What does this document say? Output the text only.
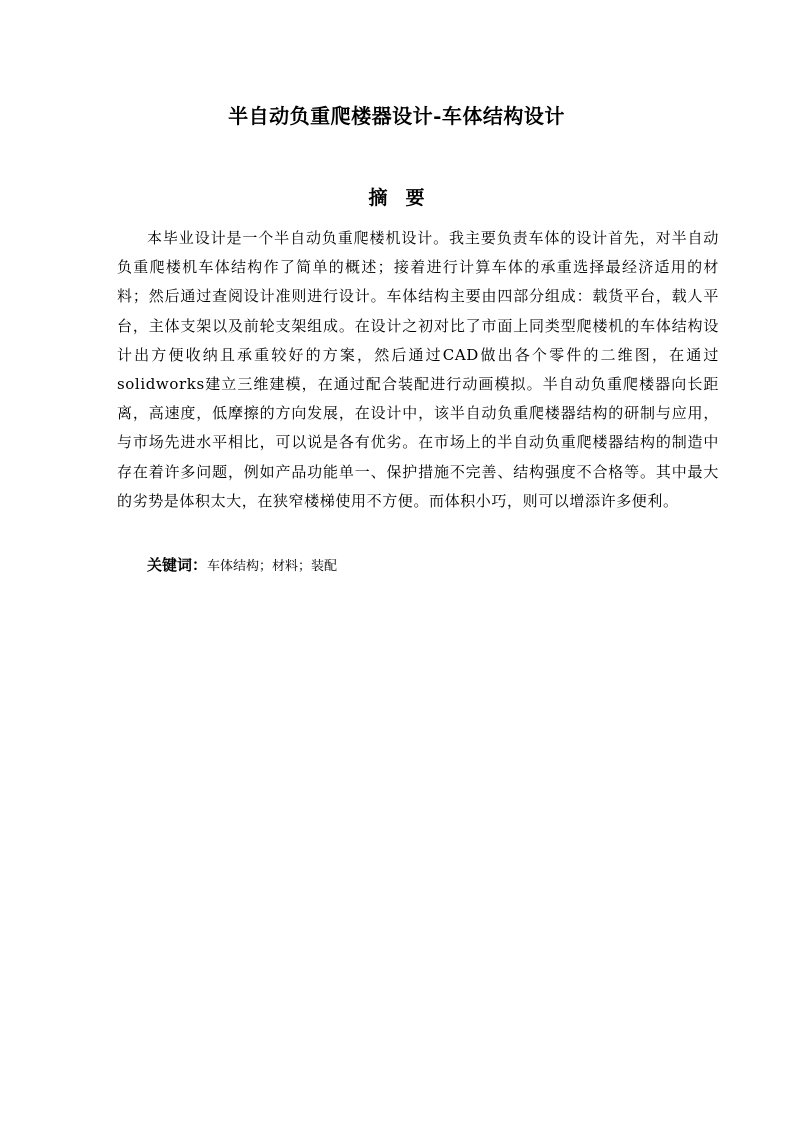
半自动负重爬楼器设计-车体结构设计
摘要

本毕业设计是一个半自动负重爬楼机设计。我主要负责车体的设计首先，对半自动负重爬楼机车体结构作了简单的概述；接着进行计算车体的承重选择最经济适用的材料；然后通过查阅设计准则进行设计。车体结构主要由四部分组成：载货平台，载人平台，主体支架以及前轮支架组成。在设计之初对比了市面上同类型爬楼机的车体结构设计出方便收纳且承重较好的方案，然后通过CAD做出各个零件的二维图，在通过solidworks建立三维建模，在通过配合装配进行动画模拟。半自动负重爬楼器向长距离，高速度，低摩擦的方向发展，在设计中，该半自动负重爬楼器结构的研制与应用，与市场先进水平相比，可以说是各有优劣。在市场上的半自动负重爬楼器结构的制造中存在着许多问题，例如产品功能单一、保护措施不完善、结构强度不合格等。其中最大的劣势是体积太大，在狭窄楼梯使用不方便。而体积小巧，则可以增添许多便利。

关键词：车体结构；材料；装配
